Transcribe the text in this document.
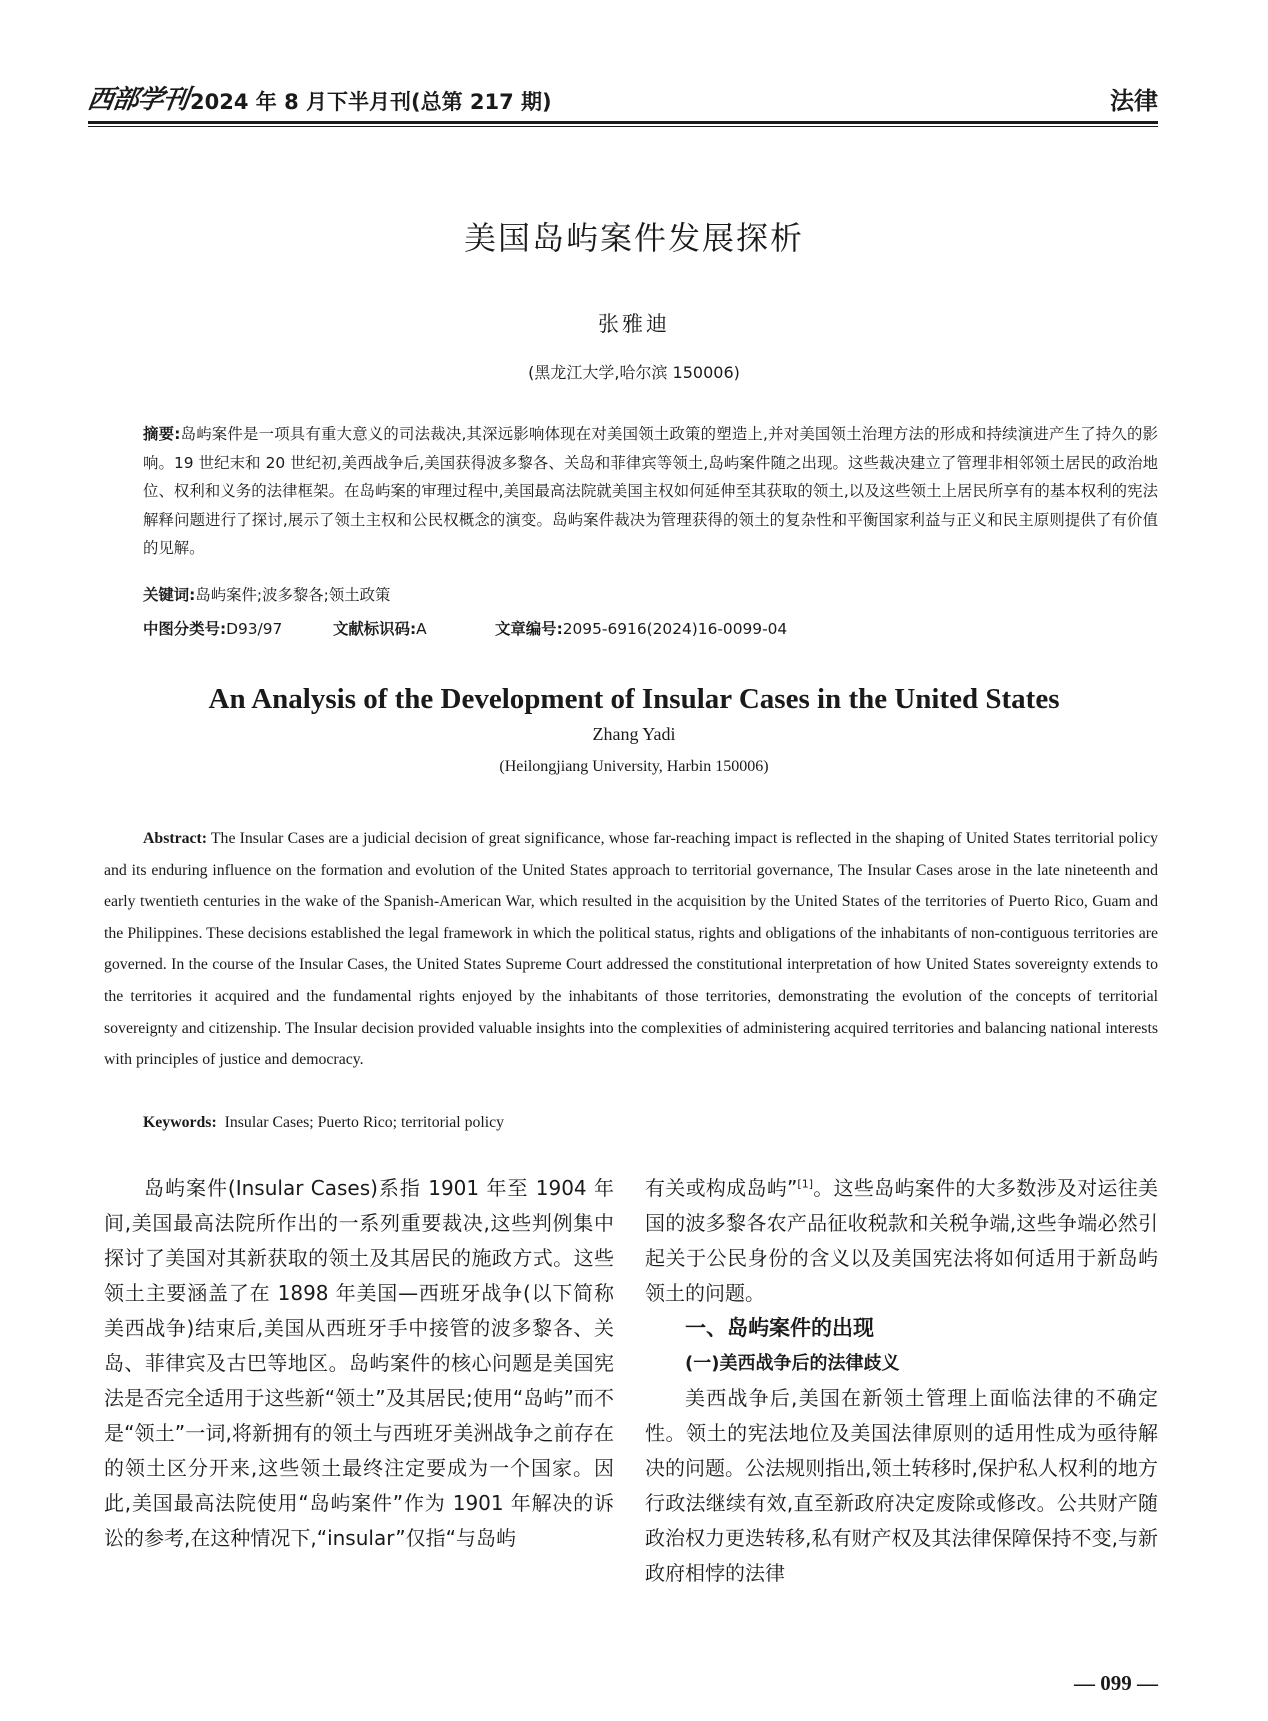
西部学刊 2024 年 8 月下半月刊(总第 217 期)	法律
美国岛屿案件发展探析
张雅迪
(黑龙江大学,哈尔滨 150006)
摘要:岛屿案件是一项具有重大意义的司法裁决,其深远影响体现在对美国领土政策的塑造上,并对美国领土治理方法的形成和持续演进产生了持久的影响。19 世纪末和 20 世纪初,美西战争后,美国获得波多黎各、关岛和菲律宾等领土,岛屿案件随之出现。这些裁决建立了管理非相邻领土居民的政治地位、权利和义务的法律框架。在岛屿案的审理过程中,美国最高法院就美国主权如何延伸至其获取的领土,以及这些领土上居民所享有的基本权利的宪法解释问题进行了探讨,展示了领土主权和公民权概念的演变。岛屿案件裁决为管理获得的领土的复杂性和平衡国家利益与正义和民主原则提供了有价值的见解。
关键词:岛屿案件;波多黎各;领土政策
中图分类号:D93/97	文献标识码:A	文章编号:2095-6916(2024)16-0099-04
An Analysis of the Development of Insular Cases in the United States
Zhang Yadi
(Heilongjiang University, Harbin 150006)
Abstract: The Insular Cases are a judicial decision of great significance, whose far-reaching impact is reflected in the shaping of United States territorial policy and its enduring influence on the formation and evolution of the United States approach to territorial governance, The Insular Cases arose in the late nineteenth and early twentieth centuries in the wake of the Spanish-American War, which resulted in the acquisition by the United States of the territories of Puerto Rico, Guam and the Philippines. These decisions established the legal framework in which the political status, rights and obligations of the inhabitants of non-contiguous territories are governed. In the course of the Insular Cases, the United States Supreme Court addressed the constitutional interpretation of how United States sovereignty extends to the territories it acquired and the fundamental rights enjoyed by the inhabitants of those territories, demonstrating the evolution of the concepts of territorial sovereignty and citizenship. The Insular decision provided valuable insights into the complexities of administering acquired territories and balancing national interests with principles of justice and democracy.
Keywords: Insular Cases; Puerto Rico; territorial policy

岛屿案件(Insular Cases)系指 1901 年至 1904 年间,美国最高法院所作出的一系列重要裁决,这些判例集中探讨了美国对其新获取的领土及其居民的施政方式。这些领土主要涵盖了在 1898 年美国—西班牙战争(以下简称美西战争)结束后,美国从西班牙手中接管的波多黎各、关岛、菲律宾及古巴等地区。岛屿案件的核心问题是美国宪法是否完全适用于这些新“领土”及其居民;使用“岛屿”而不是“领土”一词,将新拥有的领土与西班牙美洲战争之前存在的领土区分开来,这些领土最终注定要成为一个国家。因此,美国最高法院使用“岛屿案件”作为 1901 年解决的诉讼的参考,在这种情况下,“insular”仅指“与岛屿

有关或构成岛屿”[1]。这些岛屿案件的大多数涉及对运往美国的波多黎各农产品征收税款和关税争端,这些争端必然引起关于公民身份的含义以及美国宪法将如何适用于新岛屿领土的问题。

一、岛屿案件的出现
(一)美西战争后的法律歧义

美西战争后,美国在新领土管理上面临法律的不确定性。领土的宪法地位及美国法律原则的适用性成为亟待解决的问题。公法规则指出,领土转移时,保护私人权利的地方行政法继续有效,直至新政府决定废除或修改。公共财产随政治权力更迭转移,私有财产权及其法律保障保持不变,与新政府相悖的法律

— 099 —
